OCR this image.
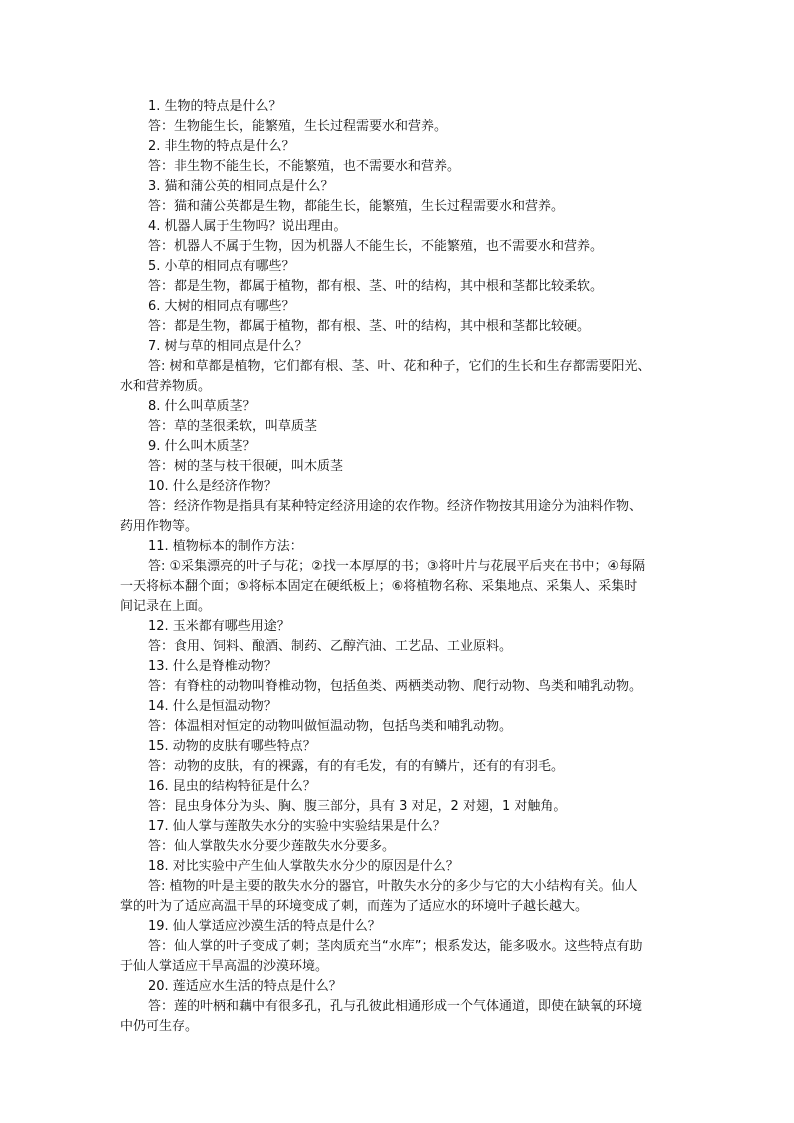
1. 生物的特点是什么？
答：生物能生长，能繁殖，生长过程需要水和营养。
2. 非生物的特点是什么？
答：非生物不能生长，不能繁殖，也不需要水和营养。
3. 猫和蒲公英的相同点是什么？
答：猫和蒲公英都是生物，都能生长，能繁殖，生长过程需要水和营养。
4. 机器人属于生物吗？说出理由。
答：机器人不属于生物，因为机器人不能生长，不能繁殖，也不需要水和营养。
5. 小草的相同点有哪些？
答：都是生物，都属于植物，都有根、茎、叶的结构，其中根和茎都比较柔软。
6. 大树的相同点有哪些？
答：都是生物，都属于植物，都有根、茎、叶的结构，其中根和茎都比较硬。
7. 树与草的相同点是什么？
答: 树和草都是植物，它们都有根、茎、叶、花和种子，它们的生长和生存都需要阳光、
水和营养物质。
8. 什么叫草质茎？
答：草的茎很柔软，叫草质茎
9. 什么叫木质茎？
答：树的茎与枝干很硬，叫木质茎
10. 什么是经济作物？
答：经济作物是指具有某种特定经济用途的农作物。经济作物按其用途分为油料作物、
药用作物等。
11. 植物标本的制作方法：
答: ①采集漂亮的叶子与花；②找一本厚厚的书；③将叶片与花展平后夹在书中；④每隔
一天将标本翻个面；⑤将标本固定在硬纸板上；⑥将植物名称、采集地点、采集人、采集时
间记录在上面。
12. 玉米都有哪些用途？
答：食用、饲料、酿酒、制药、乙醇汽油、工艺品、工业原料。
13. 什么是脊椎动物？
答：有脊柱的动物叫脊椎动物，包括鱼类、两栖类动物、爬行动物、鸟类和哺乳动物。
14. 什么是恒温动物？
答：体温相对恒定的动物叫做恒温动物，包括鸟类和哺乳动物。
15. 动物的皮肤有哪些特点？
答：动物的皮肤，有的裸露，有的有毛发，有的有鳞片，还有的有羽毛。
16. 昆虫的结构特征是什么？
答：昆虫身体分为头、胸、腹三部分，具有 3 对足，2 对翅，1 对触角。
17. 仙人掌与莲散失水分的实验中实验结果是什么？
答：仙人掌散失水分要少莲散失水分要多。
18. 对比实验中产生仙人掌散失水分少的原因是什么？
答: 植物的叶是主要的散失水分的器官，叶散失水分的多少与它的大小结构有关。仙人
掌的叶为了适应高温干旱的环境变成了刺，而莲为了适应水的环境叶子越长越大。
19. 仙人掌适应沙漠生活的特点是什么？
答：仙人掌的叶子变成了刺；茎肉质充当“水库”；根系发达，能多吸水。这些特点有助
于仙人掌适应干旱高温的沙漠环境。
20. 莲适应水生活的特点是什么？
答：莲的叶柄和藕中有很多孔，孔与孔彼此相通形成一个气体通道，即使在缺氧的环境
中仍可生存。
